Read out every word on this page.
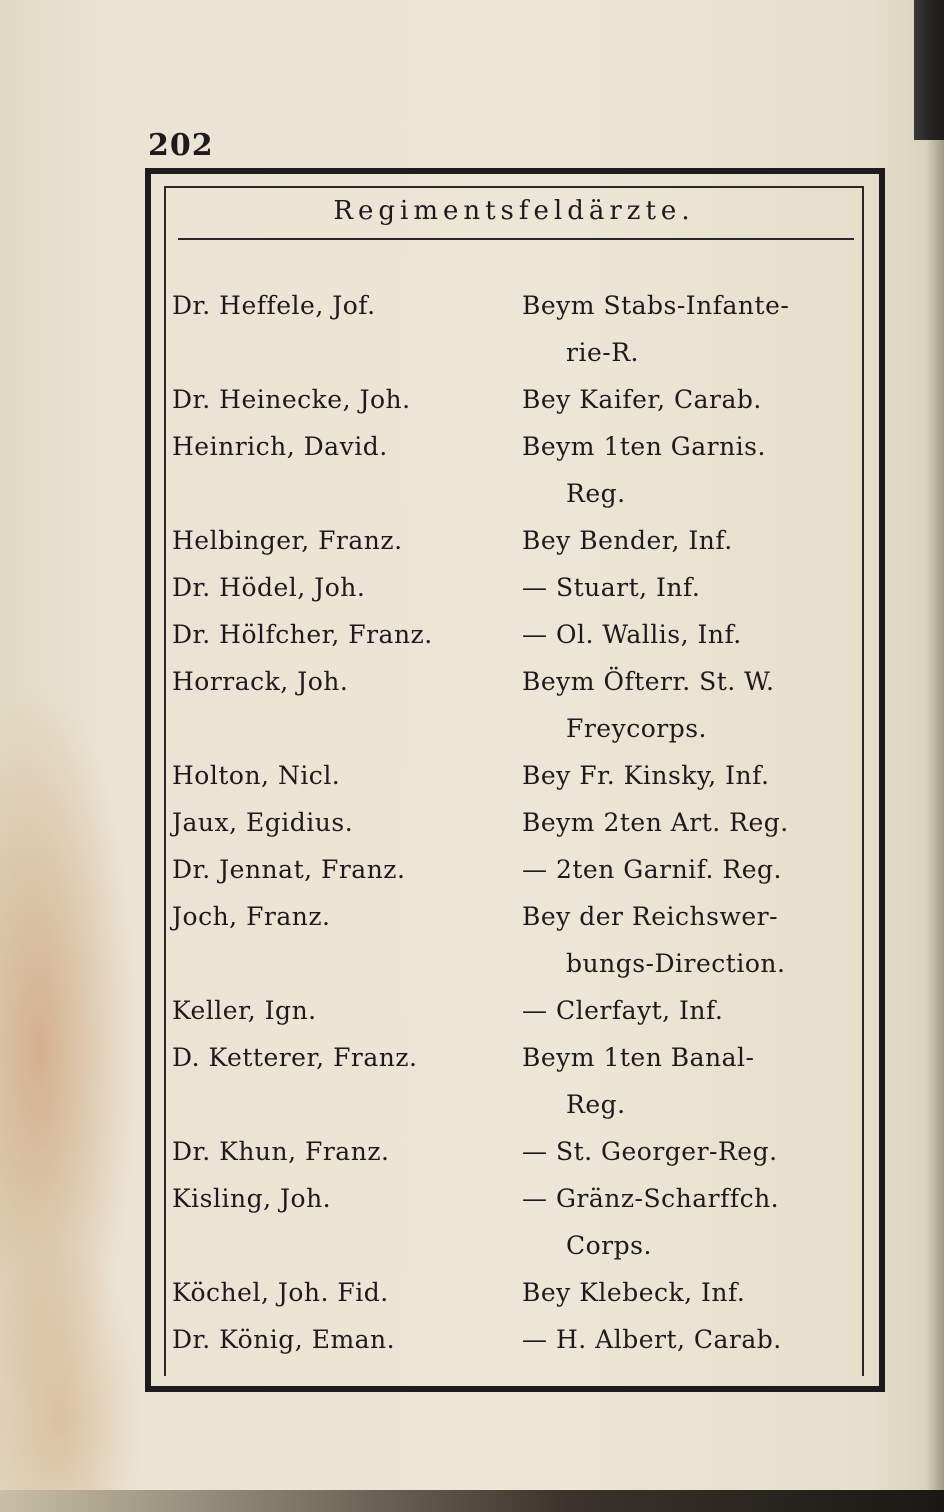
202
Regimentsfeldärzte.
Dr. Heffele, Jof.	Beym Stabs-Infante-
rie-R.
Dr. Heinecke, Joh.	Bey Kaifer, Carab.
Heinrich, David.	Beym 1ten Garnis.
Reg.
Helbinger, Franz.	Bey Bender, Inf.
Dr. Hödel, Joh.	— Stuart, Inf.
Dr. Hölfcher, Franz.	— Ol. Wallis, Inf.
Horrack, Joh.	Beym Öfterr. St. W.
Freycorps.
Holton, Nicl.	Bey Fr. Kinsky, Inf.
Jaux, Egidius.	Beym 2ten Art. Reg.
Dr. Jennat, Franz.	— 2ten Garnif. Reg.
Joch, Franz.	Bey der Reichswer-
bungs-Direction.
Keller, Ign.	— Clerfayt, Inf.
D. Ketterer, Franz.	Beym 1ten Banal-
Reg.
Dr. Khun, Franz.	— St. Georger-Reg.
Kisling, Joh.	— Gränz-Scharffch.
Corps.
Köchel, Joh. Fid.	Bey Klebeck, Inf.
Dr. König, Eman.	— H. Albert, Carab.
